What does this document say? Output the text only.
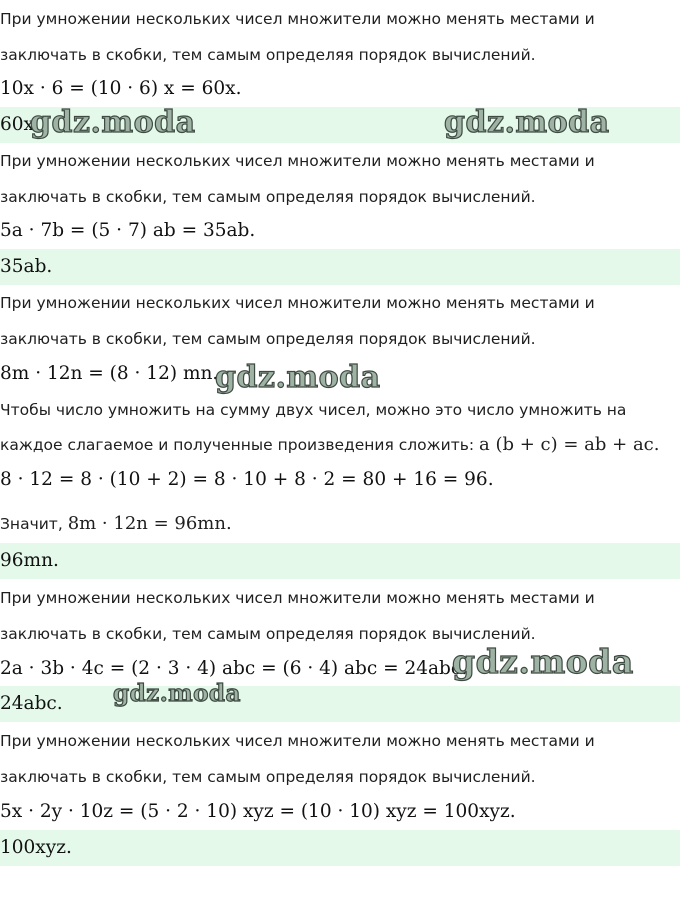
При умножении нескольких чисел множители можно менять местами и
заключать в скобки, тем самым определяя порядок вычислений.
10x · 6 = (10 · 6) x = 60x.
60x.
При умножении нескольких чисел множители можно менять местами и
заключать в скобки, тем самым определяя порядок вычислений.
5a · 7b = (5 · 7) ab = 35ab.
35ab.
При умножении нескольких чисел множители можно менять местами и
заключать в скобки, тем самым определяя порядок вычислений.
8m · 12n = (8 · 12) mn.
Чтобы число умножить на сумму двух чисел, можно это число умножить на
каждое слагаемое и полученные произведения сложить: a (b + c) = ab + ac.
8 · 12 = 8 · (10 + 2) = 8 · 10 + 8 · 2 = 80 + 16 = 96.
Значит, 8m · 12n = 96mn.
96mn.
При умножении нескольких чисел множители можно менять местами и
заключать в скобки, тем самым определяя порядок вычислений.
2a · 3b · 4c = (2 · 3 · 4) abc = (6 · 4) abc = 24abc.
24abc.
При умножении нескольких чисел множители можно менять местами и
заключать в скобки, тем самым определяя порядок вычислений.
5x · 2y · 10z = (5 · 2 · 10) xyz = (10 · 10) xyz = 100xyz.
100xyz.
gdz.moda	gdz.moda
gdz.moda
gdz.moda
gdz.moda
